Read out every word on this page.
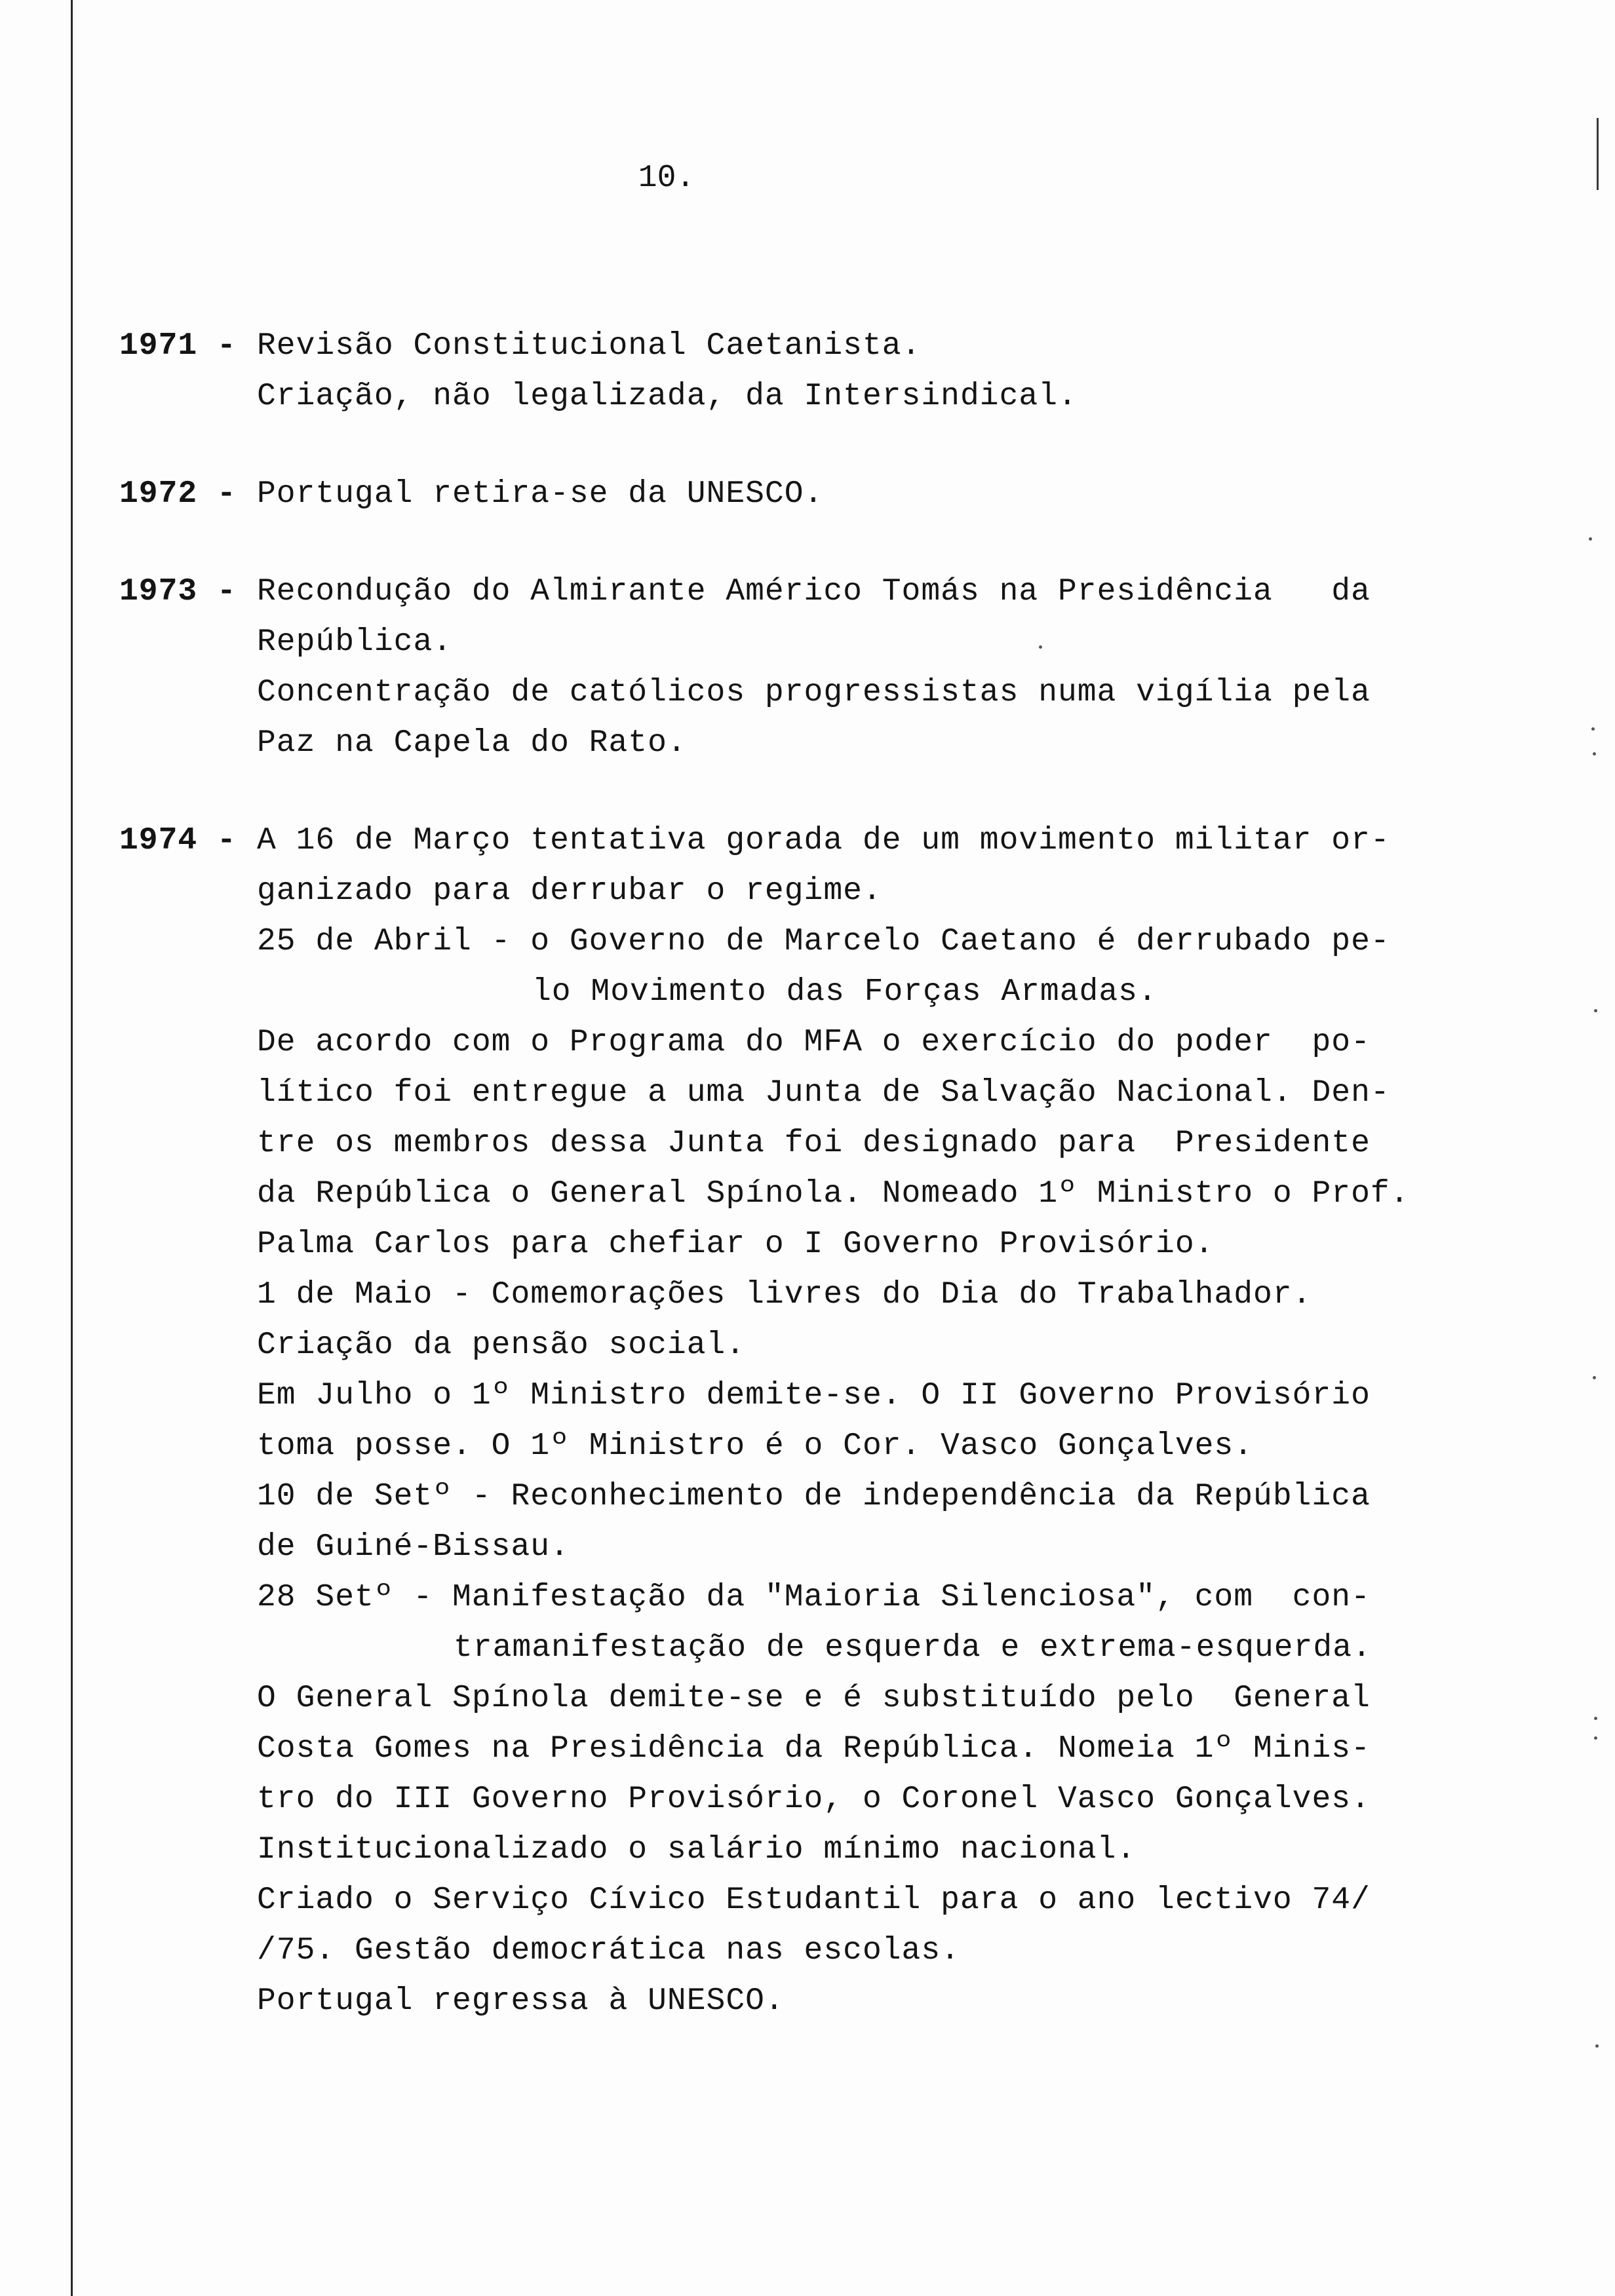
10.
1971 - Revisão Constitucional Caetanista.
Criação, não legalizada, da Intersindical.
1972 - Portugal retira-se da UNESCO.
1973 - Recondução do Almirante Américo Tomás na Presidência   da
República.
Concentração de católicos progressistas numa vigília pela
Paz na Capela do Rato.
1974 - A 16 de Março tentativa gorada de um movimento militar or-
ganizado para derrubar o regime.
25 de Abril - o Governo de Marcelo Caetano é derrubado pe-
lo Movimento das Forças Armadas.
De acordo com o Programa do MFA o exercício do poder  po-
lítico foi entregue a uma Junta de Salvação Nacional. Den-
tre os membros dessa Junta foi designado para  Presidente
da República o General Spínola. Nomeado 1º Ministro o Prof.
Palma Carlos para chefiar o I Governo Provisório.
1 de Maio - Comemorações livres do Dia do Trabalhador.
Criação da pensão social.
Em Julho o 1º Ministro demite-se. O II Governo Provisório
toma posse. O 1º Ministro é o Cor. Vasco Gonçalves.
10 de Setº - Reconhecimento de independência da República
de Guiné-Bissau.
28 Setº - Manifestação da "Maioria Silenciosa", com  con-
tramanifestação de esquerda e extrema-esquerda.
O General Spínola demite-se e é substituído pelo  General
Costa Gomes na Presidência da República. Nomeia 1º Minis-
tro do III Governo Provisório, o Coronel Vasco Gonçalves.
Institucionalizado o salário mínimo nacional.
Criado o Serviço Cívico Estudantil para o ano lectivo 74/
/75. Gestão democrática nas escolas.
Portugal regressa à UNESCO.
